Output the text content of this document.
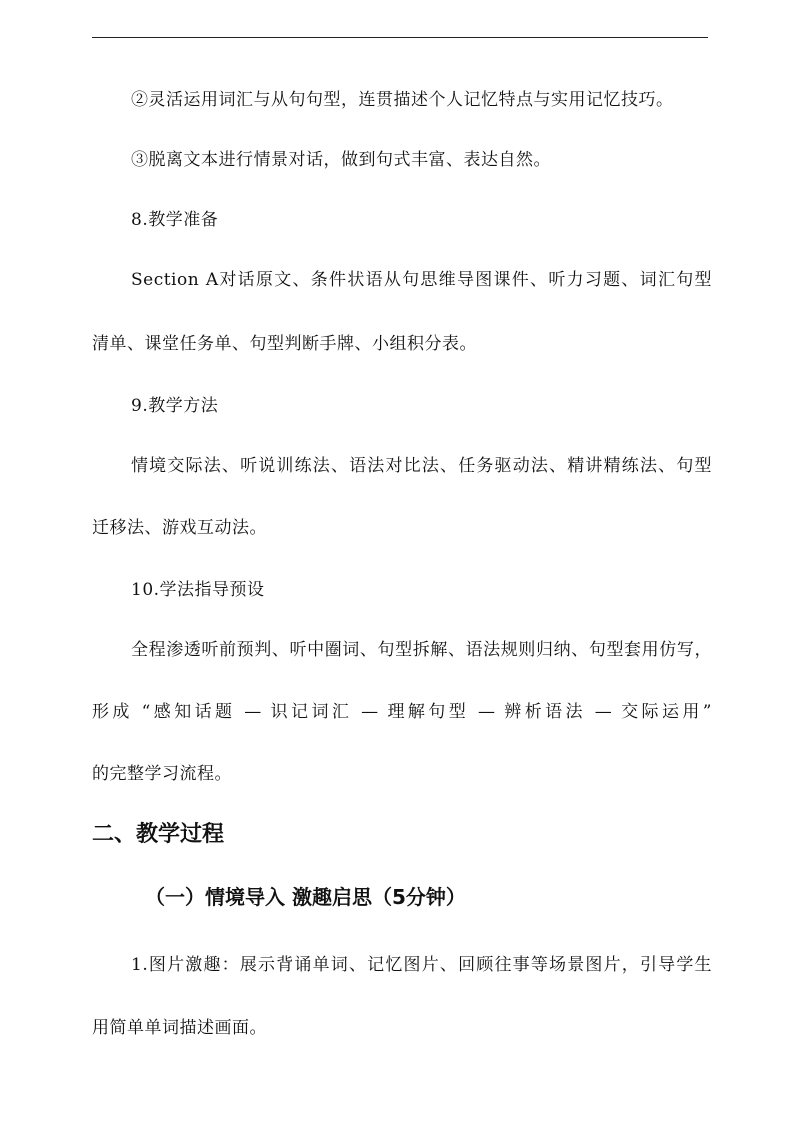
②灵活运用词汇与从句句型，连贯描述个人记忆特点与实用记忆技巧。
③脱离文本进行情景对话，做到句式丰富、表达自然。
8.教学准备
Section A对话原文、条件状语从句思维导图课件、听力习题、词汇句型
清单、课堂任务单、句型判断手牌、小组积分表。
9.教学方法
情境交际法、听说训练法、语法对比法、任务驱动法、精讲精练法、句型
迁移法、游戏互动法。
10.学法指导预设
全程渗透听前预判、听中圈词、句型拆解、语法规则归纳、句型套用仿写，
形成 “感知话题 — 识记词汇 — 理解句型 — 辨析语法 — 交际运用”
的完整学习流程。
二、教学过程
（一）情境导入 激趣启思（5分钟）
1.图片激趣：展示背诵单词、记忆图片、回顾往事等场景图片，引导学生
用简单单词描述画面。
